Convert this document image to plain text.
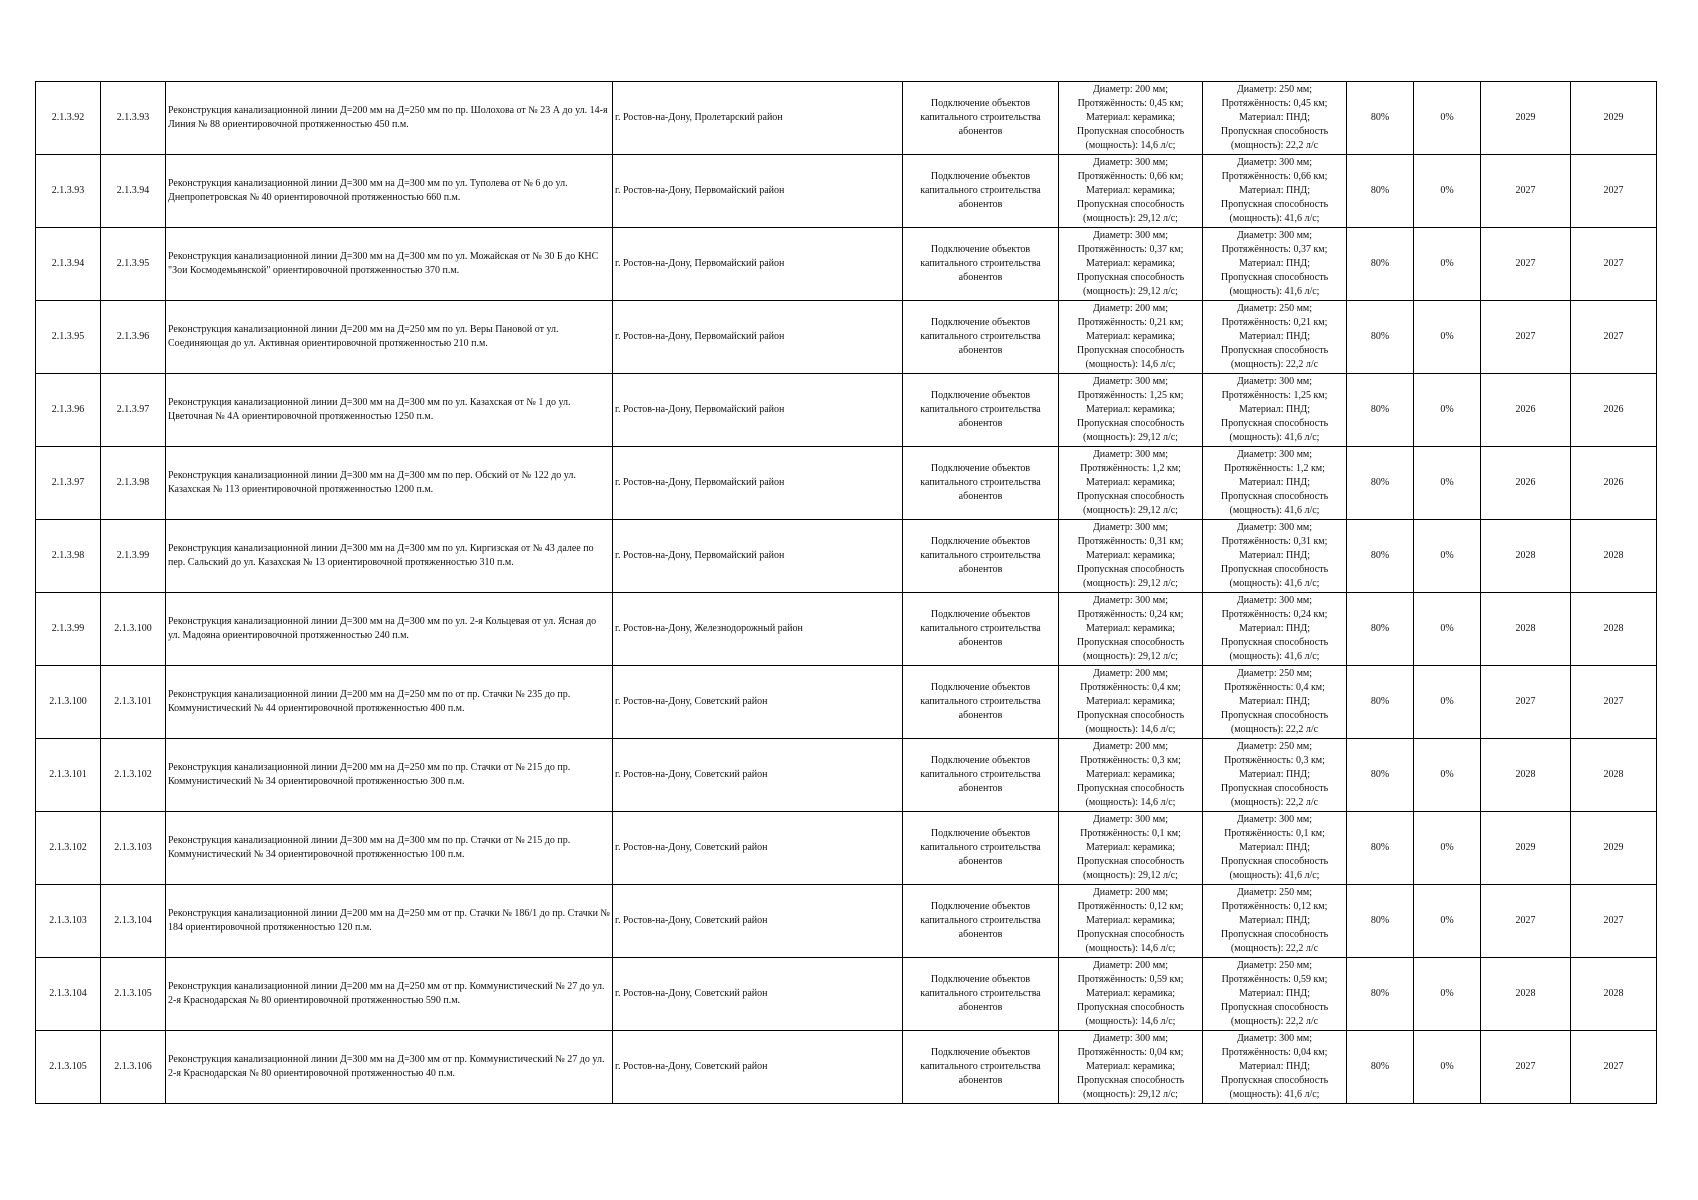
2.1.3.92	2.1.3.93	Реконструкция канализационной линии Д=200 мм на Д=250 мм по пр. Шолохова от № 23 А до ул. 14-я Линия № 88 ориентировочной протяженностью 450 п.м.	г. Ростов-на-Дону, Пролетарский район	Подключение объектов
капитального строительства
абонентов	Диаметр: 200 мм;
Протяжённость: 0,45 км;
Материал: керамика;
Пропускная способность
(мощность): 14,6 л/с;	Диаметр: 250 мм;
Протяжённость: 0,45 км;
Материал: ПНД;
Пропускная способность
(мощность): 22,2 л/с	80%	0%	2029	2029
2.1.3.93	2.1.3.94	Реконструкция канализационной линии Д=300 мм на Д=300 мм по ул. Туполева от № 6 до ул. Днепропетровская № 40 ориентировочной протяженностью 660 п.м.	г. Ростов-на-Дону, Первомайский район	Подключение объектов
капитального строительства
абонентов	Диаметр: 300 мм;
Протяжённость: 0,66 км;
Материал: керамика;
Пропускная способность
(мощность): 29,12 л/с;	Диаметр: 300 мм;
Протяжённость: 0,66 км;
Материал: ПНД;
Пропускная способность
(мощность): 41,6 л/с;	80%	0%	2027	2027
2.1.3.94	2.1.3.95	Реконструкция канализационной линии Д=300 мм на Д=300 мм по ул. Можайская от № 30 Б до КНС "Зои Космодемьянской" ориентировочной протяженностью 370 п.м.	г. Ростов-на-Дону, Первомайский район	Подключение объектов
капитального строительства
абонентов	Диаметр: 300 мм;
Протяжённость: 0,37 км;
Материал: керамика;
Пропускная способность
(мощность): 29,12 л/с;	Диаметр: 300 мм;
Протяжённость: 0,37 км;
Материал: ПНД;
Пропускная способность
(мощность): 41,6 л/с;	80%	0%	2027	2027
2.1.3.95	2.1.3.96	Реконструкция канализационной линии Д=200 мм на Д=250 мм по ул. Веры Пановой от ул. Соединяющая до ул. Активная ориентировочной протяженностью 210 п.м.	г. Ростов-на-Дону, Первомайский район	Подключение объектов
капитального строительства
абонентов	Диаметр: 200 мм;
Протяжённость: 0,21 км;
Материал: керамика;
Пропускная способность
(мощность): 14,6 л/с;	Диаметр: 250 мм;
Протяжённость: 0,21 км;
Материал: ПНД;
Пропускная способность
(мощность): 22,2 л/с	80%	0%	2027	2027
2.1.3.96	2.1.3.97	Реконструкция канализационной линии Д=300 мм на Д=300 мм по ул. Казахская от № 1 до ул. Цветочная № 4А ориентировочной протяженностью 1250 п.м.	г. Ростов-на-Дону, Первомайский район	Подключение объектов
капитального строительства
абонентов	Диаметр: 300 мм;
Протяжённость: 1,25 км;
Материал: керамика;
Пропускная способность
(мощность): 29,12 л/с;	Диаметр: 300 мм;
Протяжённость: 1,25 км;
Материал: ПНД;
Пропускная способность
(мощность): 41,6 л/с;	80%	0%	2026	2026
2.1.3.97	2.1.3.98	Реконструкция канализационной линии Д=300 мм на Д=300 мм по пер. Обский от № 122 до ул. Казахская № 113 ориентировочной протяженностью 1200 п.м.	г. Ростов-на-Дону, Первомайский район	Подключение объектов
капитального строительства
абонентов	Диаметр: 300 мм;
Протяжённость: 1,2 км;
Материал: керамика;
Пропускная способность
(мощность): 29,12 л/с;	Диаметр: 300 мм;
Протяжённость: 1,2 км;
Материал: ПНД;
Пропускная способность
(мощность): 41,6 л/с;	80%	0%	2026	2026
2.1.3.98	2.1.3.99	Реконструкция канализационной линии Д=300 мм на Д=300 мм по ул. Киргизская от № 43 далее по пер. Сальский до ул. Казахская № 13 ориентировочной протяженностью 310 п.м.	г. Ростов-на-Дону, Первомайский район	Подключение объектов
капитального строительства
абонентов	Диаметр: 300 мм;
Протяжённость: 0,31 км;
Материал: керамика;
Пропускная способность
(мощность): 29,12 л/с;	Диаметр: 300 мм;
Протяжённость: 0,31 км;
Материал: ПНД;
Пропускная способность
(мощность): 41,6 л/с;	80%	0%	2028	2028
2.1.3.99	2.1.3.100	Реконструкция канализационной линии Д=300 мм на Д=300 мм по ул. 2-я Кольцевая от ул. Ясная до ул. Мадояна ориентировочной протяженностью 240 п.м.	г. Ростов-на-Дону, Железнодорожный район	Подключение объектов
капитального строительства
абонентов	Диаметр: 300 мм;
Протяжённость: 0,24 км;
Материал: керамика;
Пропускная способность
(мощность): 29,12 л/с;	Диаметр: 300 мм;
Протяжённость: 0,24 км;
Материал: ПНД;
Пропускная способность
(мощность): 41,6 л/с;	80%	0%	2028	2028
2.1.3.100	2.1.3.101	Реконструкция канализационной линии Д=200 мм на Д=250 мм по от пр. Стачки № 235 до пр. Коммунистический № 44 ориентировочной протяженностью 400 п.м.	г. Ростов-на-Дону, Советский район	Подключение объектов
капитального строительства
абонентов	Диаметр: 200 мм;
Протяжённость: 0,4 км;
Материал: керамика;
Пропускная способность
(мощность): 14,6 л/с;	Диаметр: 250 мм;
Протяжённость: 0,4 км;
Материал: ПНД;
Пропускная способность
(мощность): 22,2 л/с	80%	0%	2027	2027
2.1.3.101	2.1.3.102	Реконструкция канализационной линии Д=200 мм на Д=250 мм по пр. Стачки от № 215 до пр. Коммунистический № 34 ориентировочной протяженностью 300 п.м.	г. Ростов-на-Дону, Советский район	Подключение объектов
капитального строительства
абонентов	Диаметр: 200 мм;
Протяжённость: 0,3 км;
Материал: керамика;
Пропускная способность
(мощность): 14,6 л/с;	Диаметр: 250 мм;
Протяжённость: 0,3 км;
Материал: ПНД;
Пропускная способность
(мощность): 22,2 л/с	80%	0%	2028	2028
2.1.3.102	2.1.3.103	Реконструкция канализационной линии Д=300 мм на Д=300 мм по пр. Стачки от № 215 до пр. Коммунистический № 34 ориентировочной протяженностью 100 п.м.	г. Ростов-на-Дону, Советский район	Подключение объектов
капитального строительства
абонентов	Диаметр: 300 мм;
Протяжённость: 0,1 км;
Материал: керамика;
Пропускная способность
(мощность): 29,12 л/с;	Диаметр: 300 мм;
Протяжённость: 0,1 км;
Материал: ПНД;
Пропускная способность
(мощность): 41,6 л/с;	80%	0%	2029	2029
2.1.3.103	2.1.3.104	Реконструкция канализационной линии Д=200 мм на Д=250 мм от пр. Стачки № 186/1 до пр. Стачки № 184 ориентировочной протяженностью 120 п.м.	г. Ростов-на-Дону, Советский район	Подключение объектов
капитального строительства
абонентов	Диаметр: 200 мм;
Протяжённость: 0,12 км;
Материал: керамика;
Пропускная способность
(мощность): 14,6 л/с;	Диаметр: 250 мм;
Протяжённость: 0,12 км;
Материал: ПНД;
Пропускная способность
(мощность): 22,2 л/с	80%	0%	2027	2027
2.1.3.104	2.1.3.105	Реконструкция канализационной линии Д=200 мм на Д=250 мм от пр. Коммунистический № 27 до ул. 2-я Краснодарская № 80 ориентировочной протяженностью 590 п.м.	г. Ростов-на-Дону, Советский район	Подключение объектов
капитального строительства
абонентов	Диаметр: 200 мм;
Протяжённость: 0,59 км;
Материал: керамика;
Пропускная способность
(мощность): 14,6 л/с;	Диаметр: 250 мм;
Протяжённость: 0,59 км;
Материал: ПНД;
Пропускная способность
(мощность): 22,2 л/с	80%	0%	2028	2028
2.1.3.105	2.1.3.106	Реконструкция канализационной линии Д=300 мм на Д=300 мм от пр. Коммунистический № 27 до ул. 2-я Краснодарская № 80 ориентировочной протяженностью 40 п.м.	г. Ростов-на-Дону, Советский район	Подключение объектов
капитального строительства
абонентов	Диаметр: 300 мм;
Протяжённость: 0,04 км;
Материал: керамика;
Пропускная способность
(мощность): 29,12 л/с;	Диаметр: 300 мм;
Протяжённость: 0,04 км;
Материал: ПНД;
Пропускная способность
(мощность): 41,6 л/с;	80%	0%	2027	2027
